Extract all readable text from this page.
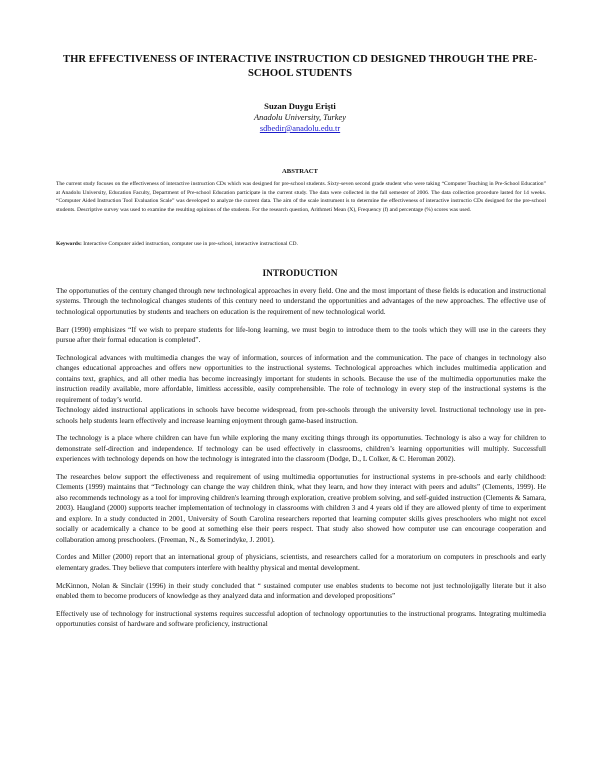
THR EFFECTIVENESS OF INTERACTIVE INSTRUCTION CD DESIGNED THROUGH THE PRE-SCHOOL STUDENTS
Suzan Duygu Erişti
Anadolu University, Turkey
sdbedir@anadolu.edu.tr
ABSTRACT
The current study focuses on the effectiveness of interactive instruction CDs which was designed for pre-school students. Sixty-seven second grade student who were taking “Computer Teaching in Pre-School Education” at Anadolu University, Education Faculty, Department of Pre-school Education participate in the current study. The data were collected in the fall semester of 2006. The data collection procedure lasted for 14 weeks. “Computer Aided Instruction Tool Evaluation Scale” was developed to analyze the current data. The aim of the scale instrument is to determine the effectiveness of interactive instructio CDs designed for the pre-school students. Descriptive survey was used to examine the resulting opinions of the students. For the research question, Arithmeti Mean (X), Frequency (f) and percentage (%) scores was used.
Keywords: Interactive Computer aided instruction, computer use in pre-school, interactive instructional CD.
INTRODUCTION

The opportunuties of the century changed through new technological approaches in every field. One and the most important of these fields is education and instructional systems. Through the technological changes students of this century need to understand the opportunities and advantages of the new approaches. The effective use of technological opportunuties by students and teachers on education is the requirement of new technological world.

Barr (1990) emphisizes “If we wish to prepare students for life-long learning, we must begin to introduce them to the tools which they will use in the careers they pursue after their formal education is completed”.

Technological advances with multimedia changes the way of information, sources of information and the communication. The pace of changes in technology also changes educational approaches and offers new opportunities to the instructional systems. Technological approaches which includes multimedia application and contains text, graphics, and all other media has become increasingly important for students in schools. Because the use of the multimedia opportunuties make the instruction readily available, more affordable, limitless accessible, easily comprehensible. The role of technology in every step of the instructional systems is the requirement of today’s world.

Technology aided instructional applications in schools have become widespread, from pre-schools through the university level. Instructional technology use in pre-schools help students learn effectively and increase learning enjoyment through game-based instruction.

The technology is a place where children can have fun while exploring the many exciting things through its opportunuties. Technology is also a way for children to demonstrate self-direction and independence. If technology can be used effectively in classrooms, children’s learning opportunities will multiply. Successfull experiences with technology depends on how the technology is integrated into the classroom (Dodge, D., L Colker, & C. Heroman 2002).

The researches below support the effectiveness and requirement of using multimedia opportunuties for instructional systems in pre-schools and early childhood: Clements (1999) maintains that “Technology can change the way children think, what they learn, and how they interact with peers and adults” (Clements, 1999). He also recommends technology as a tool for improving children's learning through exploration, creative problem solving, and self-guided instruction (Clements & Samara, 2003). Haugland (2000) supports teacher implementation of technology in classrooms with children 3 and 4 years old if they are allowed plenty of time to experiment and explore. In a study conducted in 2001, University of South Carolina researchers reported that learning computer skills gives preschoolers who might not excel socially or academically a chance to be good at something else their peers respect. That study also showed how computer use can encourage cooperation and collaboration among preschoolers. (Freeman, N., & Somerindyke, J. 2001).

Cordes and Miller (2000) report that an international group of physicians, scientists, and researchers called for a moratorium on computers in preschools and early elementary grades. They believe that computers interfere with healthy physical and mental development.

McKinnon, Nolan & Sinclair (1996) in their study concluded that “ sustained computer use enables students to become not just technolojigally literate but it also enabled them to become producers of knowledge as they analyzed data and information and developed propositions”

Effectively use of technology for instructional systems requires successful adoption of technology opportunuties to the instructional programs. Integrating multimedia opportunuties consist of hardware and software proficiency, instructional
